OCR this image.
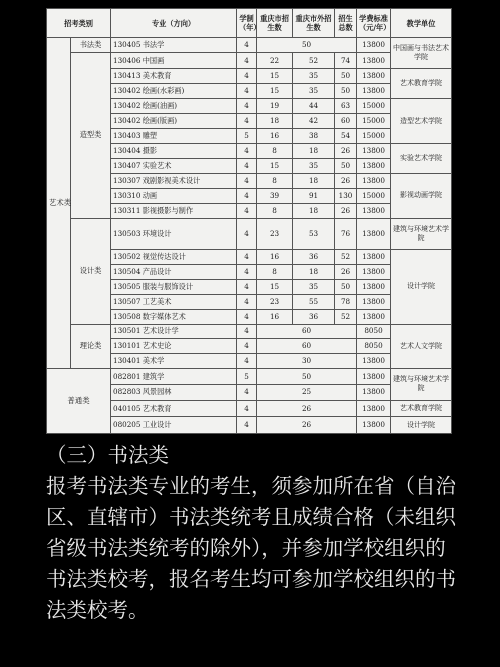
招考类别		专业（方向）	学制（年）	重庆市招生数	重庆市外招生数	招生总数	学费标准（元/年）	教学单位
艺术类	书法类	130405 书法学	4	50			13800	中国画与书法艺术学院
	造型类	130406 中国画	4	22	52	74	13800	
		130413 美术教育	4	15	35	50	13800	艺术教育学院
		130402 绘画(水彩画)	4	15	35	50	13800	
		130402 绘画(油画)	4	19	44	63	15000	造型艺术学院
		130402 绘画(版画)	4	18	42	60	15000	
		130403 雕塑	5	16	38	54	15000	
		130404 摄影	4	8	18	26	13800	实验艺术学院
		130407 实验艺术	4	15	35	50	13800	
		130307 戏剧影视美术设计	4	8	18	26	13800	影视动画学院
		130310 动画	4	39	91	130	15000	
		130311 影视摄影与制作	4	8	18	26	13800	
	设计类	130503 环境设计	4	23	53	76	13800	建筑与环境艺术学院
		130502 视觉传达设计	4	16	36	52	13800	设计学院
		130504 产品设计	4	8	18	26	13800	
		130505 服装与服饰设计	4	15	35	50	13800	
		130507 工艺美术	4	23	55	78	13800	
		130508 数字媒体艺术	4	16	36	52	13800	
	理论类	130501 艺术设计学	4	60			8050	艺术人文学院
		130101 艺术史论	4	60			8050	
		130401 美术学	4	30			13800	
普通类		082801 建筑学	5	50			13800	建筑与环境艺术学院
		082803 风景园林	4	25			13800	
		040105 艺术教育	4	26			13800	艺术教育学院
		080205 工业设计	4	26			13800	设计学院

（三）书法类

报考书法类专业的考生，须参加所在省（自治区、直辖市）书法类统考且成绩合格（未组织省级书法类统考的除外），并参加学校组织的书法类校考，报名考生均可参加学校组织的书法类校考。
